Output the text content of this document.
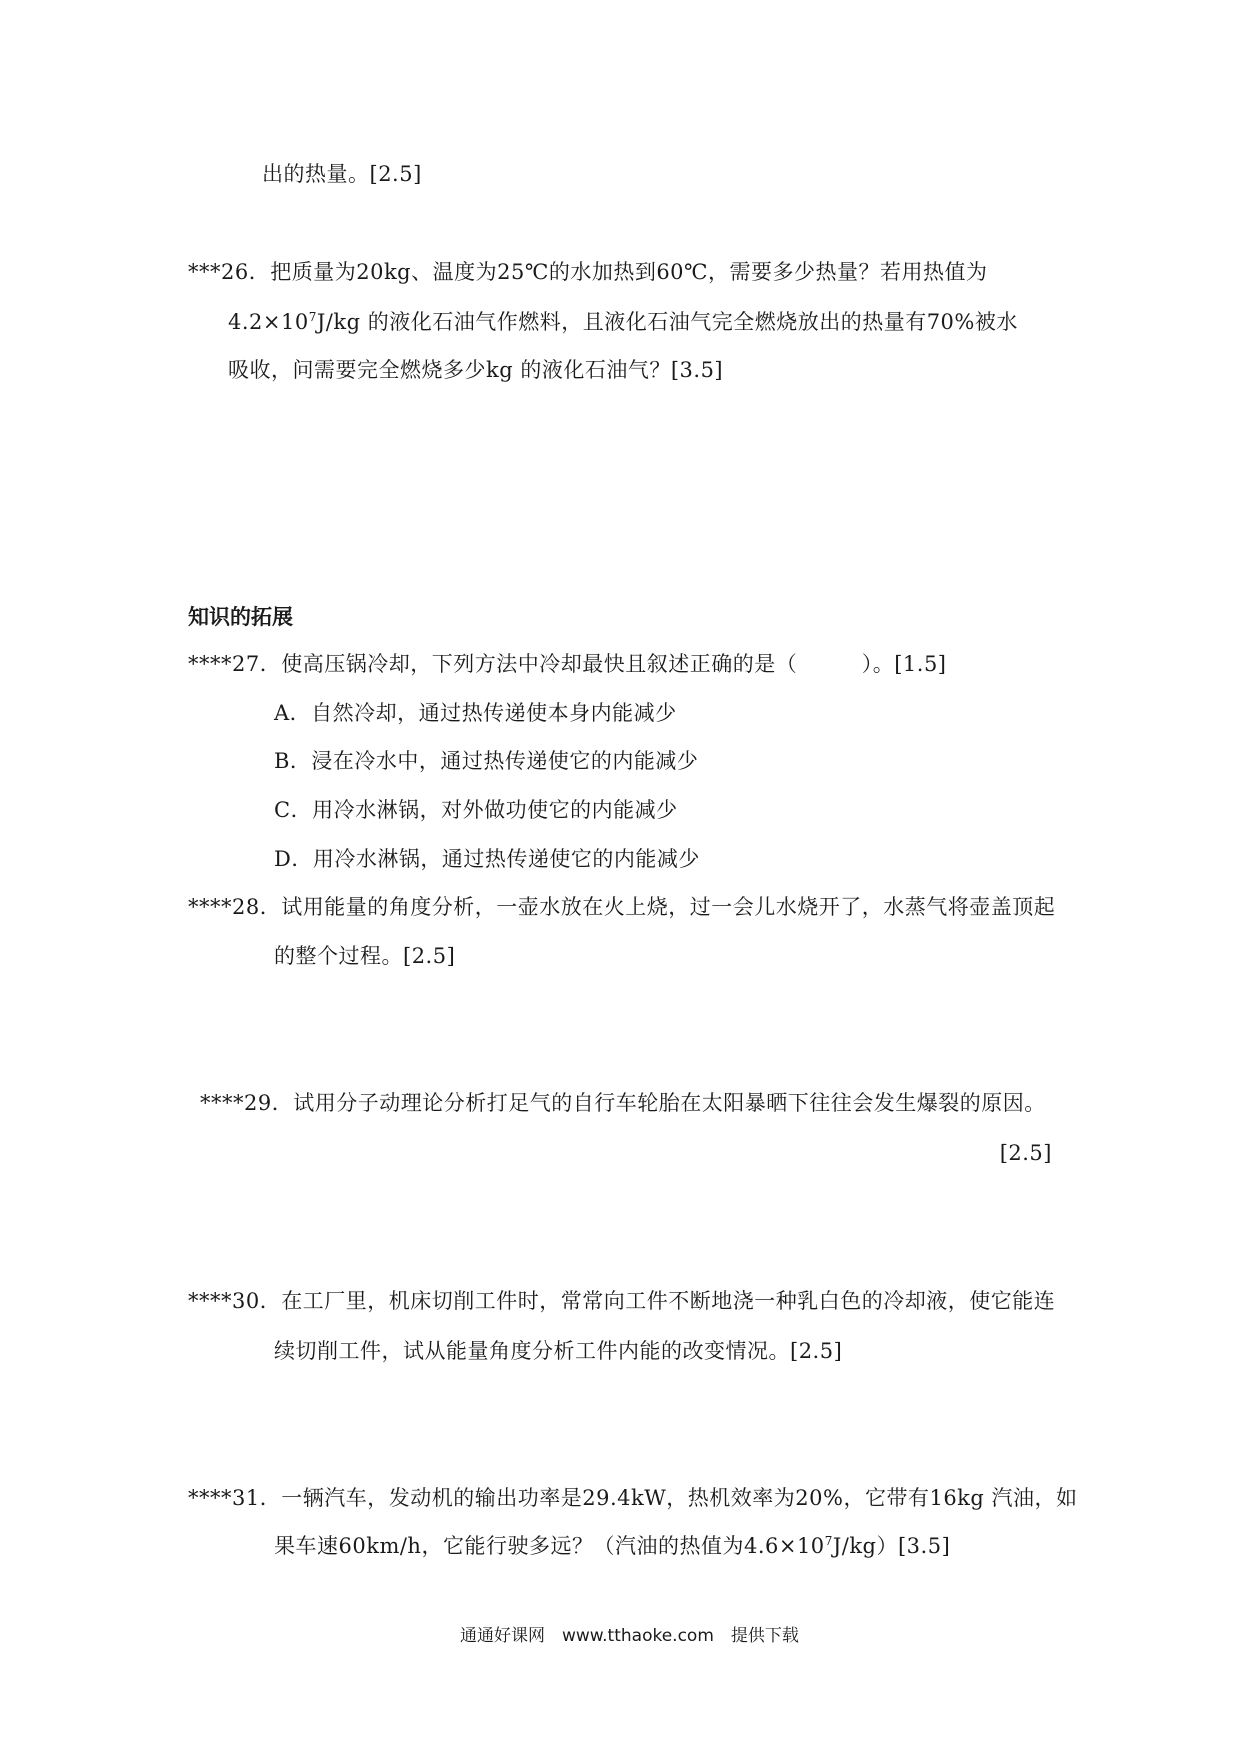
出的热量。[2.5]
***26．把质量为20kg、温度为25℃的水加热到60℃，需要多少热量？若用热值为
$4.2\times 10^7J/kg$ 的液化石油气作燃料，且液化石油气完全燃烧放出的热量有70%被水
吸收，问需要完全燃烧多少kg 的液化石油气？[3.5]
知识的拓展
****27．使高压锅冷却，下列方法中冷却最快且叙述正确的是（　　　）。[1.5]
A．自然冷却，通过热传递使本身内能减少
B．浸在冷水中，通过热传递使它的内能减少
C．用冷水淋锅，对外做功使它的内能减少
D．用冷水淋锅，通过热传递使它的内能减少
****28．试用能量的角度分析，一壶水放在火上烧，过一会儿水烧开了，水蒸气将壶盖顶起
的整个过程。[2.5]
****29．试用分子动理论分析打足气的自行车轮胎在太阳暴晒下往往会发生爆裂的原因。
[2.5]
****30．在工厂里，机床切削工件时，常常向工件不断地浇一种乳白色的冷却液，使它能连
续切削工件，试从能量角度分析工件内能的改变情况。[2.5]
****31．一辆汽车，发动机的输出功率是29.4kW，热机效率为20%，它带有16kg 汽油，如
果车速60km/h，它能行驶多远？（汽油的热值为$4.6\times 10^7J/kg)[3.5]$
通通好课网　www.tthaoke.com　提供下载
